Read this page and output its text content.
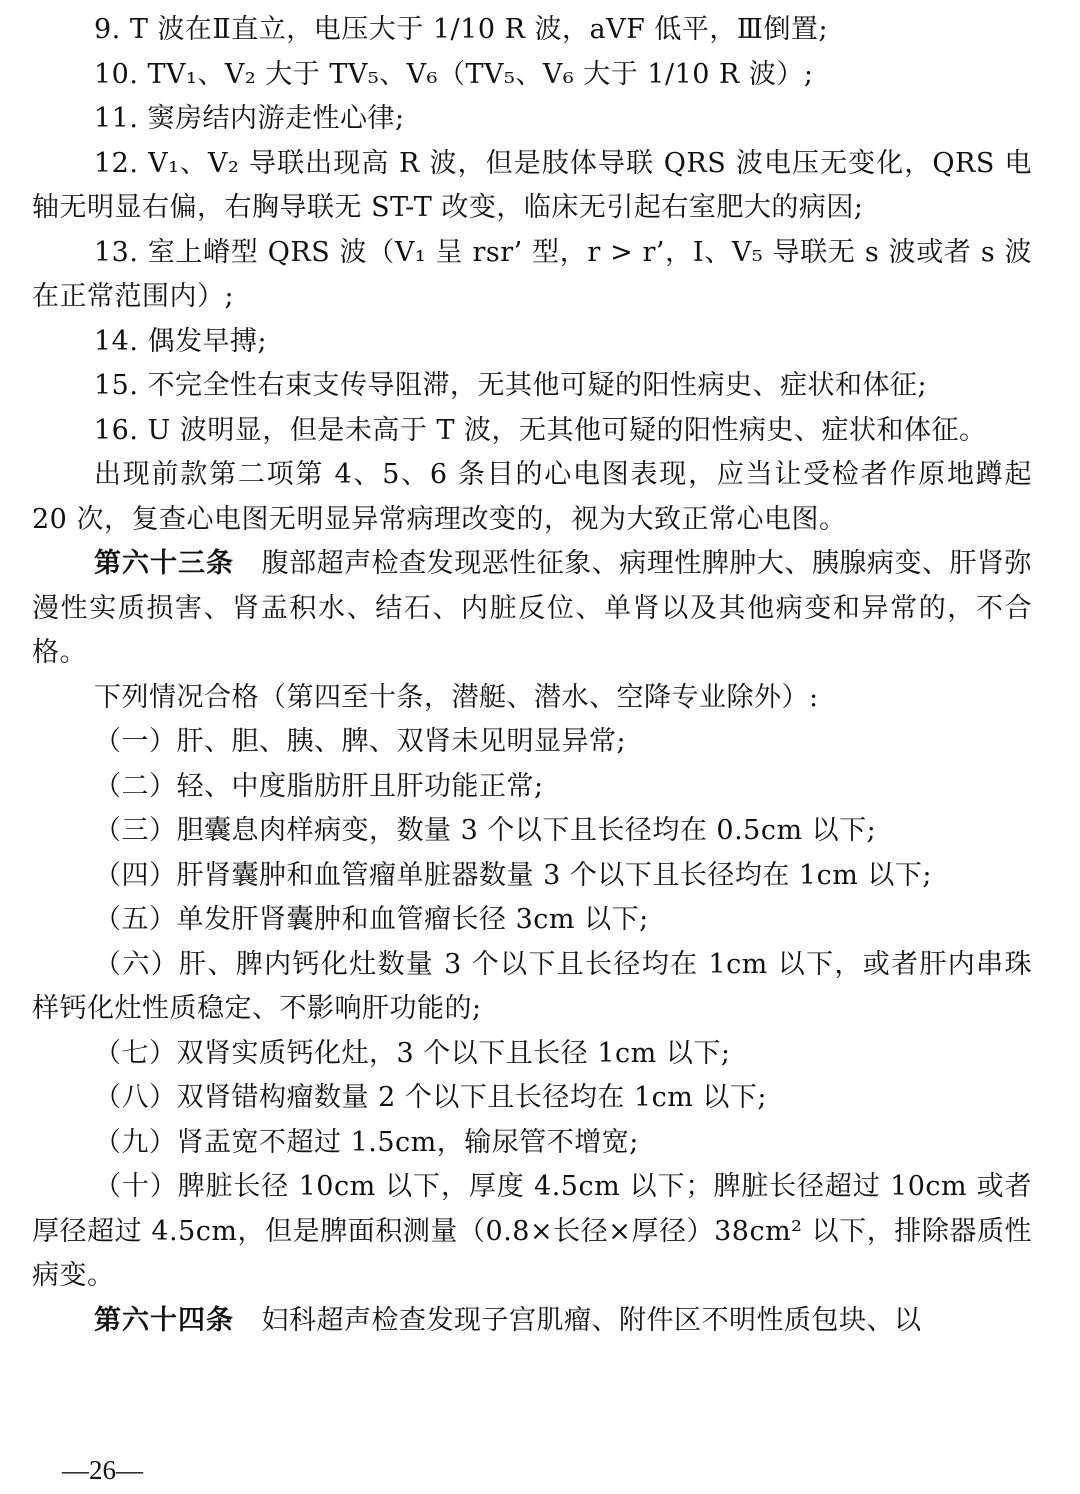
9. T 波在Ⅱ直立，电压大于 1/10 R 波，aVF 低平，Ⅲ倒置;

10. TV₁、V₂ 大于 TV₅、V₆（TV₅、V₆ 大于 1/10 R 波）;

11. 窦房结内游走性心律;

12. V₁、V₂ 导联出现高 R 波，但是肢体导联 QRS 波电压无变化，QRS 电轴无明显右偏，右胸导联无 ST-T 改变，临床无引起右室肥大的病因;

13. 室上嵴型 QRS 波（V₁ 呈 rsr’ 型，r > r’，I、V₅ 导联无 s 波或者 s 波在正常范围内）;

14. 偶发早搏;

15. 不完全性右束支传导阻滞，无其他可疑的阳性病史、症状和体征;

16. U 波明显，但是未高于 T 波，无其他可疑的阳性病史、症状和体征。

出现前款第二项第 4、5、6 条目的心电图表现，应当让受检者作原地蹲起 20 次，复查心电图无明显异常病理改变的，视为大致正常心电图。

第六十三条　腹部超声检查发现恶性征象、病理性脾肿大、胰腺病变、肝肾弥漫性实质损害、肾盂积水、结石、内脏反位、单肾以及其他病变和异常的，不合格。

下列情况合格（第四至十条，潜艇、潜水、空降专业除外）:

（一）肝、胆、胰、脾、双肾未见明显异常;

（二）轻、中度脂肪肝且肝功能正常;

（三）胆囊息肉样病变，数量 3 个以下且长径均在 0.5cm 以下;

（四）肝肾囊肿和血管瘤单脏器数量 3 个以下且长径均在 1cm 以下;

（五）单发肝肾囊肿和血管瘤长径 3cm 以下;

（六）肝、脾内钙化灶数量 3 个以下且长径均在 1cm 以下，或者肝内串珠样钙化灶性质稳定、不影响肝功能的;

（七）双肾实质钙化灶，3 个以下且长径 1cm 以下;

（八）双肾错构瘤数量 2 个以下且长径均在 1cm 以下;

（九）肾盂宽不超过 1.5cm，输尿管不增宽;

（十）脾脏长径 10cm 以下，厚度 4.5cm 以下；脾脏长径超过 10cm 或者厚径超过 4.5cm，但是脾面积测量（0.8×长径×厚径）38cm² 以下，排除器质性病变。

第六十四条　妇科超声检查发现子宫肌瘤、附件区不明性质包块、以

—26—
